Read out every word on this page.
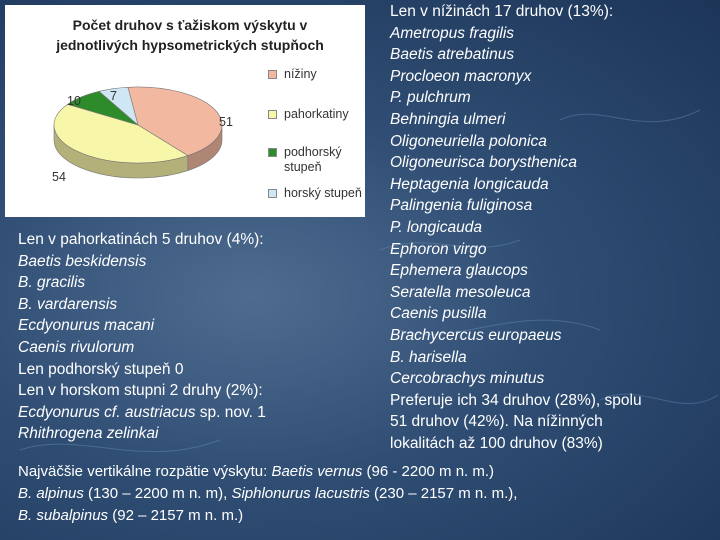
Počet druhov s ťažiskom výskytu v
jednotlivých hypsometrických stupňoch
nížiny
pahorkatiny
podhorský
stupeň
horský stupeň
10 7
51
54
Len v pahorkatinách 5 druhov (4%):
Baetis beskidensis
B. gracilis
B. vardarensis
Ecdyonurus macani
Caenis rivulorum
Len podhorský stupeň 0
Len v horskom stupni 2 druhy (2%):
Ecdyonurus cf. austriacus sp. nov. 1
Rhithrogena zelinkai
Len v nížinách 17 druhov (13%):
Ametropus fragilis
Baetis atrebatinus
Procloeon macronyx
P. pulchrum
Behningia ulmeri
Oligoneuriella polonica
Oligoneurisca borysthenica
Heptagenia longicauda
Palingenia fuliginosa
P. longicauda
Ephoron virgo
Ephemera glaucops
Seratella mesoleuca
Caenis pusilla
Brachycercus europaeus
B. harisella
Cercobrachys minutus
Preferuje ich 34 druhov (28%), spolu
51 druhov (42%). Na nížinných
lokalitách až 100 druhov (83%)
Najväčšie vertikálne rozpätie výskytu: Baetis vernus (96 - 2200 m n. m.)
B. alpinus (130 – 2200 m n. m), Siphlonurus lacustris (230 – 2157 m n. m.),
B. subalpinus (92 – 2157 m n. m.)
